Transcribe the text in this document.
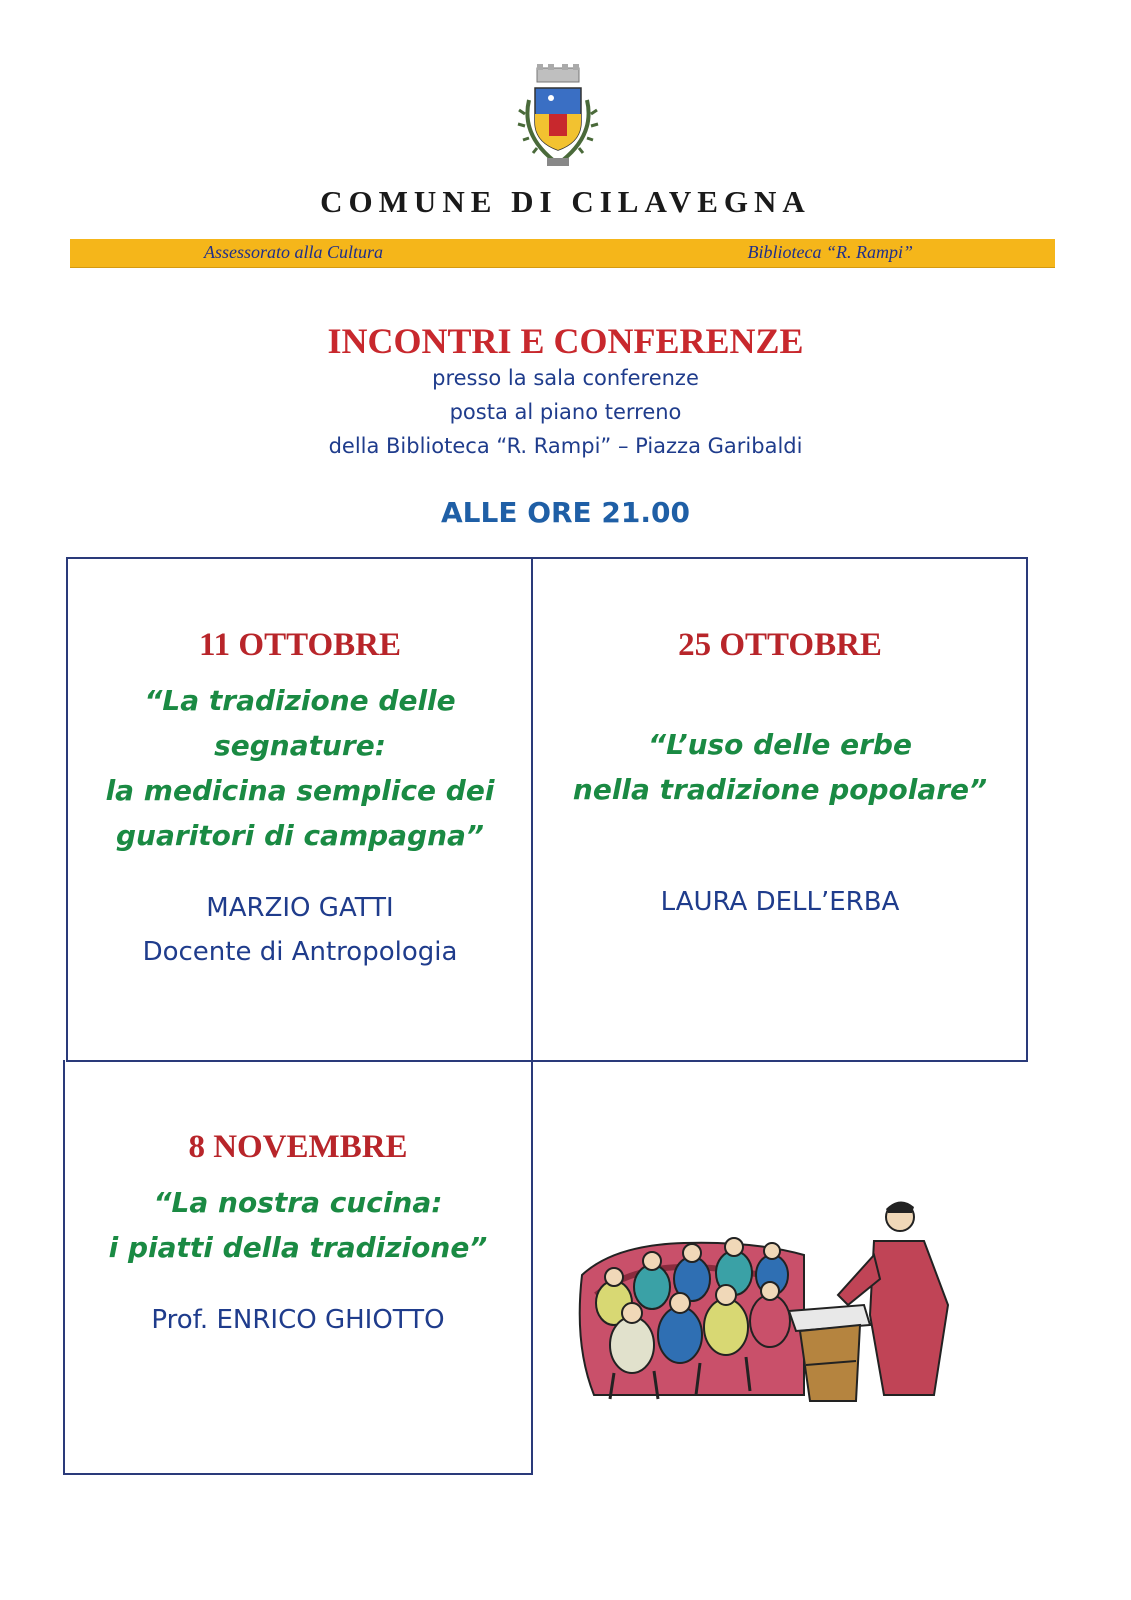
COMUNE DI CILAVEGNA
Assessorato alla Cultura	Biblioteca “R. Rampi”
INCONTRI E CONFERENZE
presso la sala conferenze
posta al piano terreno
della Biblioteca “R. Rampi” – Piazza Garibaldi
ALLE ORE 21.00
11 OTTOBRE
“La tradizione delle
segnature:
la medicina semplice dei
guaritori di campagna”
MARZIO GATTI
Docente di Antropologia
25 OTTOBRE
“L’uso delle erbe
nella tradizione popolare”
LAURA DELL’ERBA
8 NOVEMBRE
“La nostra cucina:
i piatti della tradizione”
Prof. ENRICO GHIOTTO
